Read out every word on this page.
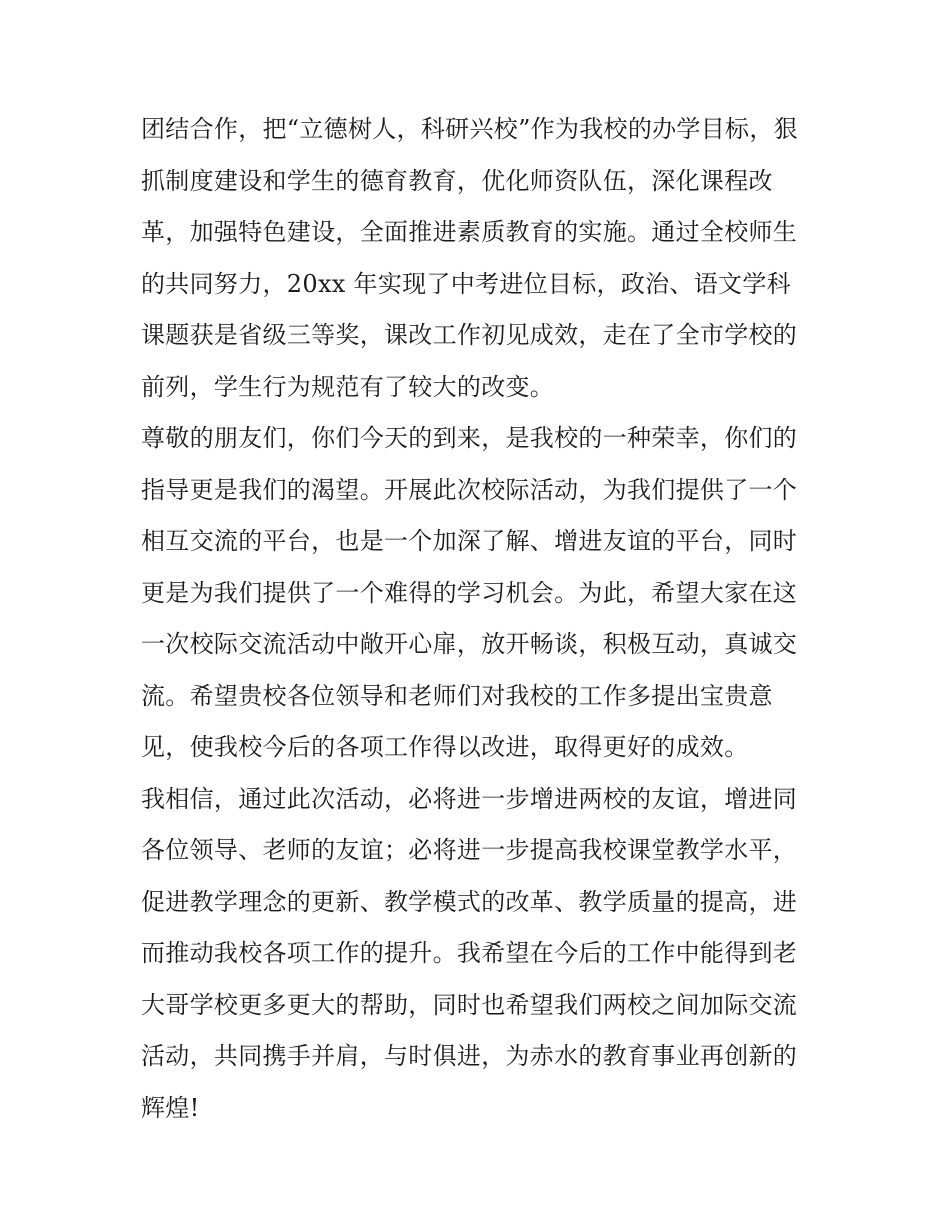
团结合作，把“立德树人，科研兴校”作为我校的办学目标，狠
抓制度建设和学生的德育教育，优化师资队伍，深化课程改
革，加强特色建设，全面推进素质教育的实施。通过全校师生
的共同努力，20xx 年实现了中考进位目标，政治、语文学科
课题获是省级三等奖，课改工作初见成效，走在了全市学校的
前列，学生行为规范有了较大的改变。
尊敬的朋友们，你们今天的到来，是我校的一种荣幸，你们的
指导更是我们的渴望。开展此次校际活动，为我们提供了一个
相互交流的平台，也是一个加深了解、增进友谊的平台，同时
更是为我们提供了一个难得的学习机会。为此，希望大家在这
一次校际交流活动中敞开心扉，放开畅谈，积极互动，真诚交
流。希望贵校各位领导和老师们对我校的工作多提出宝贵意
见，使我校今后的各项工作得以改进，取得更好的成效。
我相信，通过此次活动，必将进一步增进两校的友谊，增进同
各位领导、老师的友谊；必将进一步提高我校课堂教学水平，
促进教学理念的更新、教学模式的改革、教学质量的提高，进
而推动我校各项工作的提升。我希望在今后的工作中能得到老
大哥学校更多更大的帮助，同时也希望我们两校之间加际交流
活动，共同携手并肩，与时俱进，为赤水的教育事业再创新的
辉煌!
